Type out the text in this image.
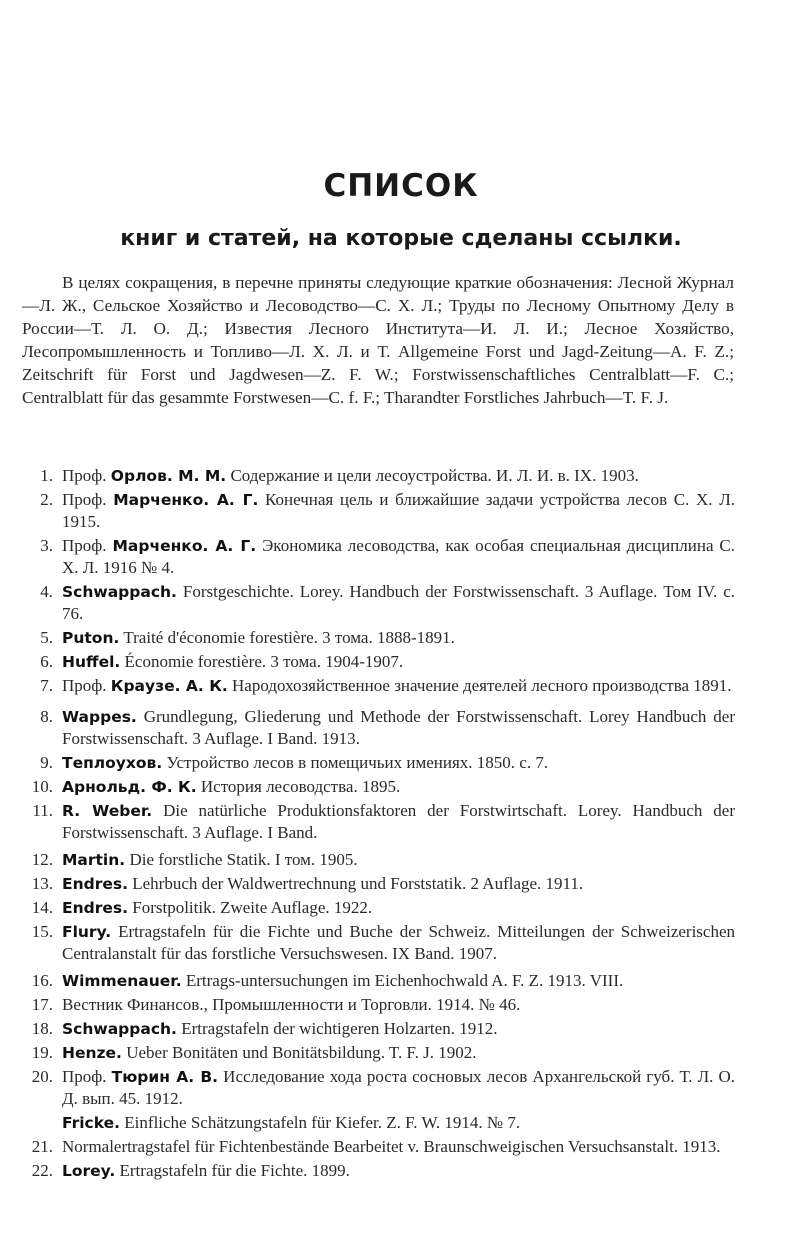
СПИСОК
книг и статей, на которые сделаны ссылки.

В целях сокращения, в перечне приняты следующие краткие обозначения: Лесной Журнал—Л. Ж., Сельское Хозяйство и Лесоводство—С. Х. Л.; Труды по Лесному Опытному Делу в России—Т. Л. О. Д.; Известия Лесного Института—И. Л. И.; Лесное Хозяйство, Лесопромышленность и Топливо—Л. Х. Л. и Т. Allgemeine Forst und Jagd-Zeitung—A. F. Z.; Zeitschrift für Forst und Jagdwesen—Z. F. W.; Forstwissenschaftliches Centralblatt—F. C.; Centralblatt für das gesammte Forstwesen—C. f. F.; Tharandter Forstliches Jahrbuch—T. F. J.

1. Проф. Орлов. М. М. Содержание и цели лесоустройства. И. Л. И. в. IX. 1903.
2. Проф. Марченко. А. Г. Конечная цель и ближайшие задачи устройства лесов С. Х. Л. 1915.
3. Проф. Марченко. А. Г. Экономика лесоводства, как особая специальная дисциплина С. Х. Л. 1916 № 4.
4. Schwappach. Forstgeschichte. Lorey. Handbuch der Forstwissenschaft. 3 Auflage. Том IV. с. 76.
5. Puton. Traité d'économie forestière. 3 тома. 1888-1891.
6. Huffel. Économie forestière. 3 тома. 1904-1907.
7. Проф. Краузе. А. К. Народохозяйственное значение деятелей лесного производства 1891.
8. Wappes. Grundlegung, Gliederung und Methode der Forstwissenschaft. Lorey Handbuch der Forstwissenschaft. 3 Auflage. I Band. 1913.
9. Теплоухов. Устройство лесов в помещичьих имениях. 1850. с. 7.
10. Арнольд. Ф. К. История лесоводства. 1895.
11. R. Weber. Die natürliche Produktionsfaktoren der Forstwirtschaft. Lorey. Handbuch der Forstwissenschaft. 3 Auflage. I Band.
12. Martin. Die forstliche Statik. I том. 1905.
13. Endres. Lehrbuch der Waldwertrechnung und Forststatik. 2 Auflage. 1911.
14. Endres. Forstpolitik. Zweite Auflage. 1922.
15. Flury. Ertragstafeln für die Fichte und Buche der Schweiz. Mitteilungen der Schweizerischen Centralanstalt für das forstliche Versuchswesen. IX Band. 1907.
16. Wimmenauer. Ertrags-untersuchungen im Eichenhochwald A. F. Z. 1913. VIII.
17. Вестник Финансов., Промышленности и Торговли. 1914. № 46.
18. Schwappach. Ertragstafeln der wichtigeren Holzarten. 1912.
19. Henze. Ueber Bonitäten und Bonitätsbildung. T. F. J. 1902.
20. Проф. Тюрин А. В. Исследование хода роста сосновых лесов Архангельской губ. Т. Л. О. Д. вып. 45. 1912.
Fricke. Einfliche Schätzungstafeln für Kiefer. Z. F. W. 1914. № 7.
21. Normalertragstafel für Fichtenbestände Bearbeitet v. Braunschweigischen Versuchsanstalt. 1913.
22. Lorey. Ertragstafeln für die Fichte. 1899.
